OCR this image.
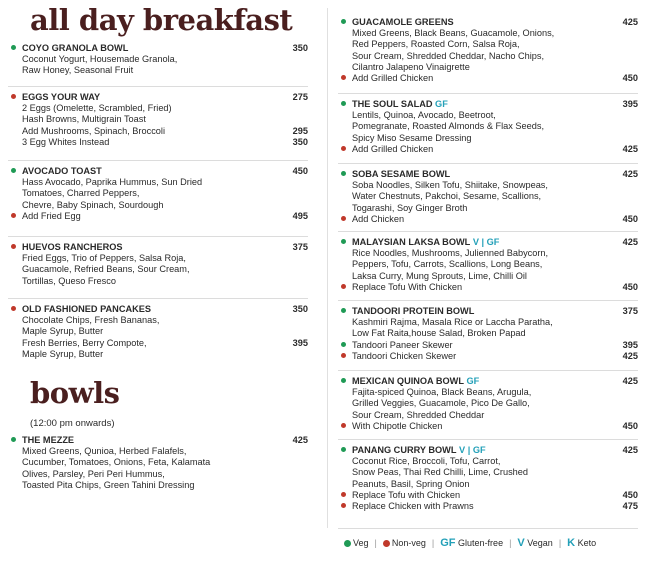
all day breakfast
bowls
(12:00 pm onwards)
COYO GRANOLA BOWL	350
Coconut Yogurt, Housemade Granola,
Raw Honey, Seasonal Fruit
EGGS YOUR WAY	275
2 Eggs (Omelette, Scrambled, Fried)
Hash Browns, Multigrain Toast
Add Mushrooms, Spinach, Broccoli	295
3 Egg Whites Instead	350
AVOCADO TOAST	450
Hass Avocado, Paprika Hummus, Sun Dried
Tomatoes, Charred Peppers,
Chevre, Baby Spinach, Sourdough
Add Fried Egg	495
HUEVOS RANCHEROS	375
Fried Eggs, Trio of Peppers, Salsa Roja,
Guacamole, Refried Beans, Sour Cream,
Tortillas, Queso Fresco
OLD FASHIONED PANCAKES	350
Chocolate Chips, Fresh Bananas,
Maple Syrup, Butter
Fresh Berries, Berry Compote,	395
Maple Syrup, Butter
THE MEZZE	425
Mixed Greens, Qunioa, Herbed Falafels,
Cucumber, Tomatoes, Onions, Feta, Kalamata
Olives, Parsley, Peri Peri Hummus,
Toasted Pita Chips, Green Tahini Dressing
GUACAMOLE GREENS	425
Mixed Greens, Black Beans, Guacamole, Onions,
Red Peppers, Roasted Corn, Salsa Roja,
Sour Cream, Shredded Cheddar, Nacho Chips,
Cilantro Jalapeno Vinaigrette
Add Grilled Chicken	450
THE SOUL SALAD GF	395
Lentils, Quinoa, Avocado, Beetroot,
Pomegranate, Roasted Almonds & Flax Seeds,
Spicy Miso Sesame Dressing
Add Grilled Chicken	425
SOBA SESAME BOWL	425
Soba Noodles, Silken Tofu, Shiitake, Snowpeas,
Water Chestnuts, Pakchoi, Sesame, Scallions,
Togarashi, Soy Ginger Broth
Add Chicken	450
MALAYSIAN LAKSA BOWL V | GF	425
Rice Noodles, Mushrooms, Julienned Babycorn,
Peppers, Tofu, Carrots, Scallions, Long Beans,
Laksa Curry, Mung Sprouts, Lime, Chilli Oil
Replace Tofu With Chicken	450
TANDOORI PROTEIN BOWL	375
Kashmiri Rajma, Masala Rice or Laccha Paratha,
Low Fat Raita,house Salad, Broken Papad
Tandoori Paneer Skewer	395
Tandoori Chicken Skewer	425
MEXICAN QUINOA BOWL GF	425
Fajita-spiced Quinoa, Black Beans, Arugula,
Grilled Veggies, Guacamole, Pico De Gallo,
Sour Cream, Shredded Cheddar
With Chipotle Chicken	450
PANANG CURRY BOWL V | GF	425
Coconut Rice, Broccoli, Tofu, Carrot,
Snow Peas, Thai Red Chilli, Lime, Crushed
Peanuts, Basil, Spring Onion
Replace Tofu with Chicken	450
Replace Chicken with Prawns	475
Veg |	Non-veg | GF Gluten-free | V Vegan | K Keto
